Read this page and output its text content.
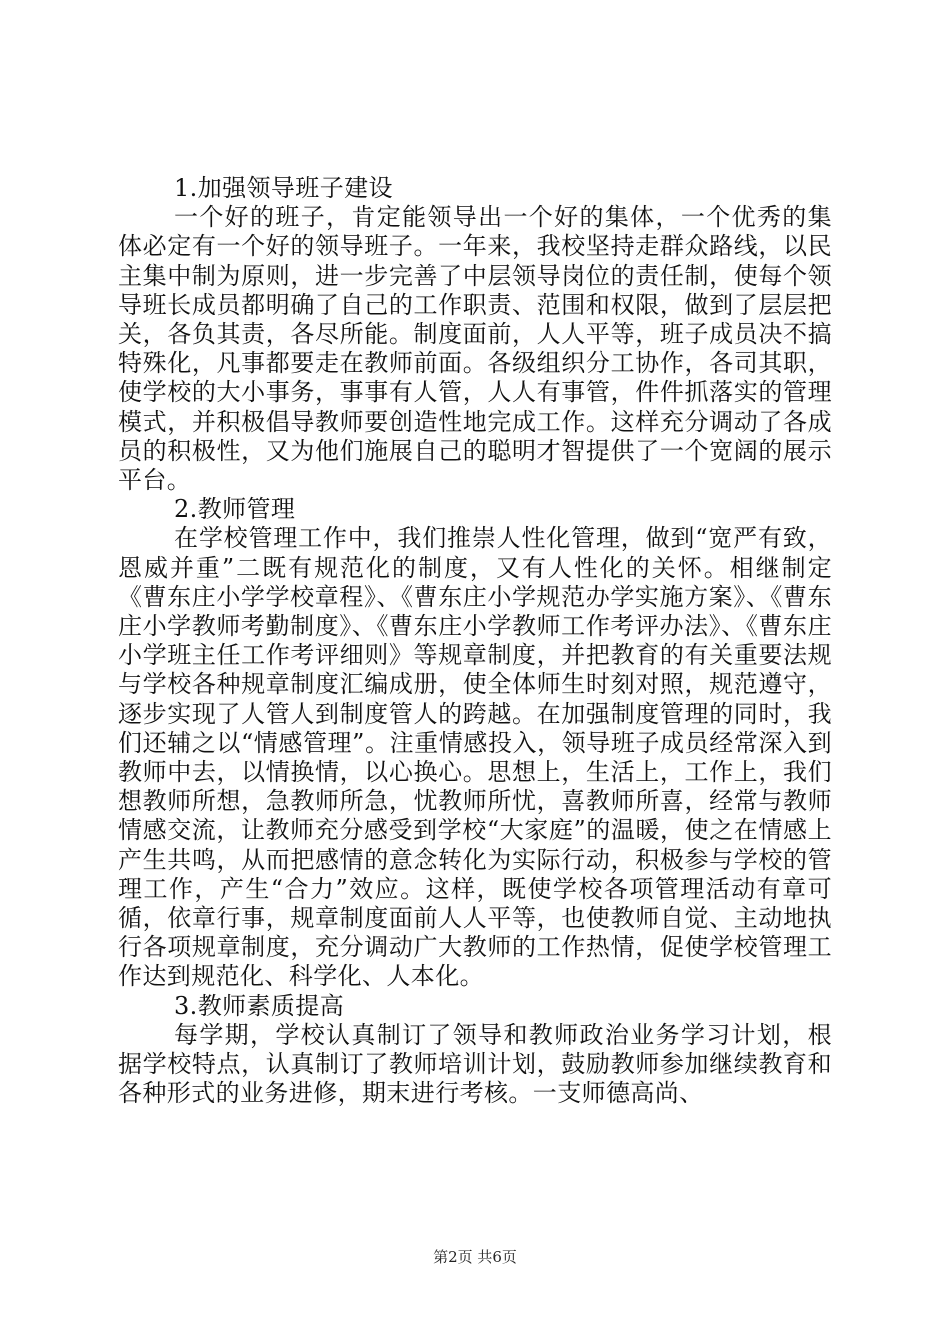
1.加强领导班子建设

一个好的班子，肯定能领导出一个好的集体，一个优秀的集体必定有一个好的领导班子。一年来，我校坚持走群众路线，以民主集中制为原则，进一步完善了中层领导岗位的责任制，使每个领导班长成员都明确了自己的工作职责、范围和权限，做到了层层把关，各负其责，各尽所能。制度面前，人人平等，班子成员决不搞特殊化，凡事都要走在教师前面。各级组织分工协作，各司其职，使学校的大小事务，事事有人管，人人有事管，件件抓落实的管理模式，并积极倡导教师要创造性地完成工作。这样充分调动了各成员的积极性，又为他们施展自己的聪明才智提供了一个宽阔的展示平台。

2.教师管理

在学校管理工作中，我们推崇人性化管理，做到“宽严有致，恩威并重”二既有规范化的制度，又有人性化的关怀。相继制定《曹东庄小学学校章程》、《曹东庄小学规范办学实施方案》、《曹东庄小学教师考勤制度》、《曹东庄小学教师工作考评办法》、《曹东庄小学班主任工作考评细则》等规章制度，并把教育的有关重要法规与学校各种规章制度汇编成册，使全体师生时刻对照，规范遵守，逐步实现了人管人到制度管人的跨越。在加强制度管理的同时，我们还辅之以“情感管理”。注重情感投入，领导班子成员经常深入到教师中去，以情换情，以心换心。思想上，生活上，工作上，我们想教师所想，急教师所急，忧教师所忧，喜教师所喜，经常与教师情感交流，让教师充分感受到学校“大家庭”的温暖，使之在情感上产生共鸣，从而把感情的意念转化为实际行动，积极参与学校的管理工作，产生“合力”效应。这样，既使学校各项管理活动有章可循，依章行事，规章制度面前人人平等，也使教师自觉、主动地执行各项规章制度，充分调动广大教师的工作热情，促使学校管理工作达到规范化、科学化、人本化。

3.教师素质提高

每学期，学校认真制订了领导和教师政治业务学习计划，根据学校特点，认真制订了教师培训计划，鼓励教师参加继续教育和各种形式的业务进修，期末进行考核。一支师德高尚、

第2页 共6页
